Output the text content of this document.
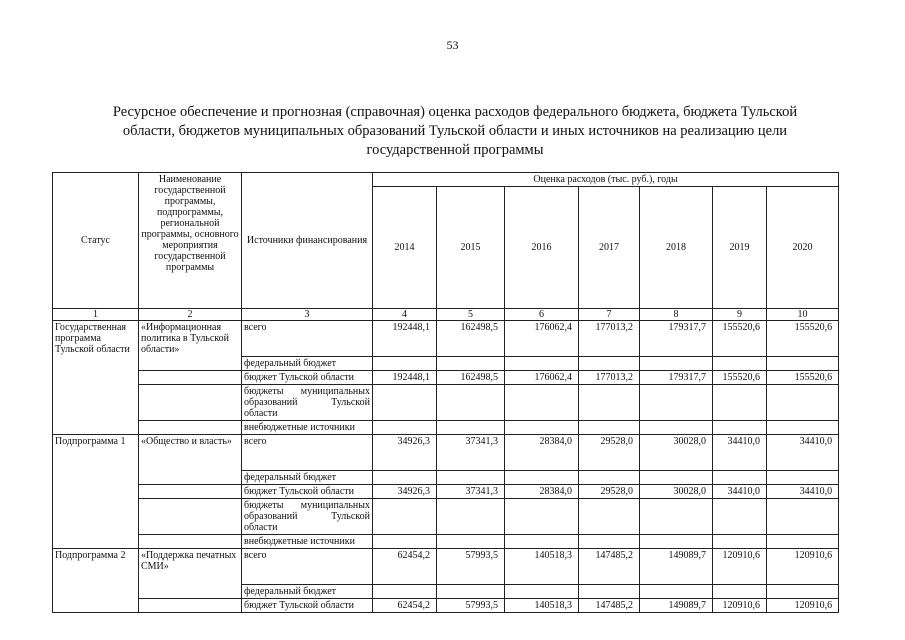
53
Ресурсное обеспечение и прогнозная (справочная) оценка расходов федерального бюджета, бюджета Тульской
области, бюджетов муниципальных образований Тульской области и иных источников на реализацию цели
государственной программы
Статус	Наименование государственной программы, подпрограммы, региональной программы, основного мероприятия государственной программы	Источники финансирования	Оценка расходов (тыс. руб.), годы						
			2014	2015	2016	2017	2018	2019	2020
1	2	3	4	5	6	7	8	9	10
Государственная программа Тульской области	«Информационная политика в Тульской области»	всего	192448,1	162498,5	176062,4	177013,2	179317,7	155520,6	155520,6
		федеральный бюджет							
		бюджет Тульской области	192448,1	162498,5	176062,4	177013,2	179317,7	155520,6	155520,6
		бюджеты муниципальных образований Тульской области							
		внебюджетные источники							
Подпрограмма 1	«Общество и власть»	всего	34926,3	37341,3	28384,0	29528,0	30028,0	34410,0	34410,0
		федеральный бюджет							
		бюджет Тульской области	34926,3	37341,3	28384,0	29528,0	30028,0	34410,0	34410,0
		бюджеты муниципальных образований Тульской области							
		внебюджетные источники							
Подпрограмма 2	«Поддержка печатных СМИ»	всего	62454,2	57993,5	140518,3	147485,2	149089,7	120910,6	120910,6
		федеральный бюджет							
		бюджет Тульской области	62454,2	57993,5	140518,3	147485,2	149089,7	120910,6	120910,6
